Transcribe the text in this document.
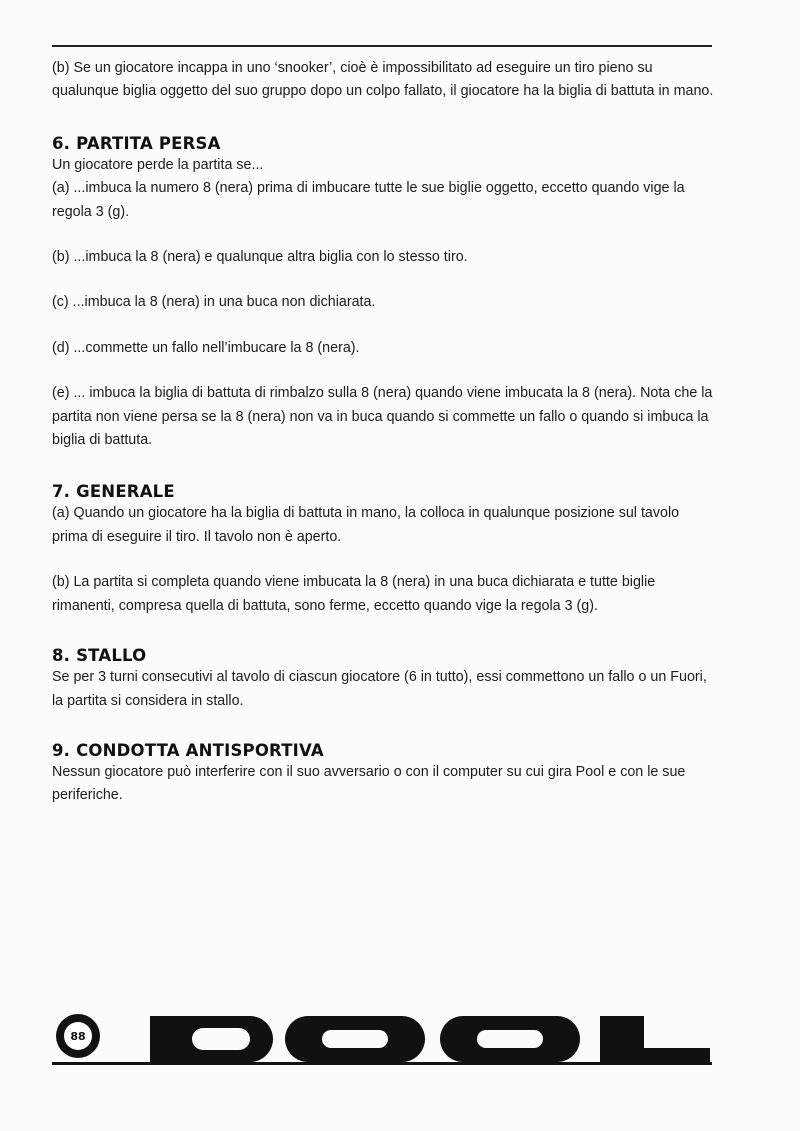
(b) Se un giocatore incappa in uno ‘snooker’, cioè è impossibilitato ad eseguire un tiro pieno su qualunque biglia oggetto del suo gruppo dopo un colpo fallato, il giocatore ha la biglia di battuta in mano.

6. PARTITA PERSA

Un giocatore perde la partita se...

(a) ...imbuca la numero 8 (nera) prima di imbucare tutte le sue biglie oggetto, eccetto quando vige la regola 3 (g).

(b) ...imbuca la 8 (nera) e qualunque altra biglia con lo stesso tiro.

(c) ...imbuca la 8 (nera) in una buca non dichiarata.

(d) ...commette un fallo nell’imbucare la 8 (nera).

(e) ... imbuca la biglia di battuta di rimbalzo sulla 8 (nera) quando viene imbucata la 8 (nera). Nota che la partita non viene persa se la 8 (nera) non va in buca quando si commette un fallo o quando si imbuca la biglia di battuta.

7. GENERALE

(a) Quando un giocatore ha la biglia di battuta in mano, la colloca in qualunque posizione sul tavolo prima di eseguire il tiro. Il tavolo non è aperto.

(b) La partita si completa quando viene imbucata la 8 (nera) in una buca dichiarata e tutte biglie rimanenti, compresa quella di battuta, sono ferme, eccetto quando vige la regola 3 (g).

8. STALLO

Se per 3 turni consecutivi al tavolo di ciascun giocatore (6 in tutto), essi commettono un fallo o un Fuori, la partita si considera in stallo.

9. CONDOTTA ANTISPORTIVA

Nessun giocatore può interferire con il suo avversario o con il computer su cui gira Pool e con le sue periferiche.

88
